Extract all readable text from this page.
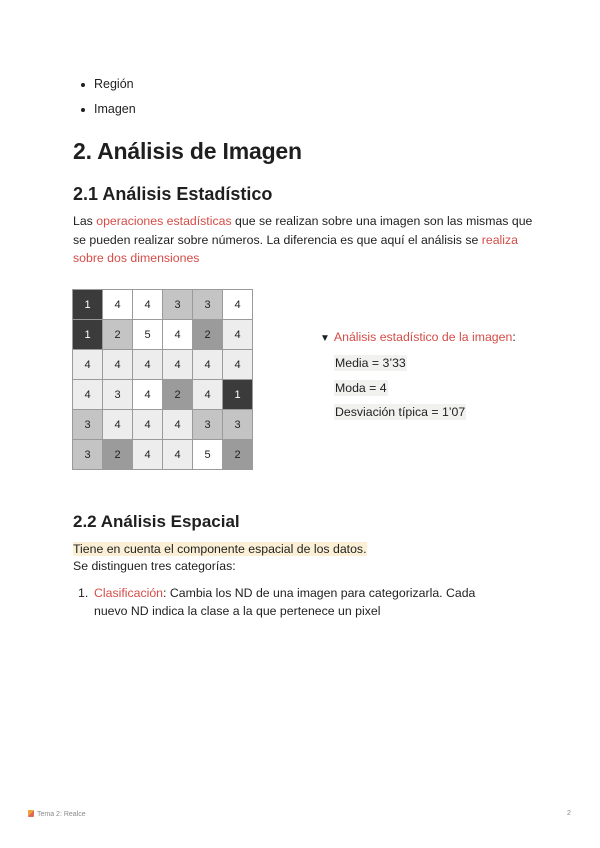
Región
Imagen
2. Análisis de Imagen
2.1 Análisis Estadístico

Las operaciones estadísticas que se realizan sobre una imagen son las mismas que se pueden realizar sobre números. La diferencia es que aquí el análisis se realiza sobre dos dimensiones

1	4	4	3	3	4
1	2	5	4	2	4
4	4	4	4	4	4
4	3	4	2	4	1
3	4	4	4	3	3
3	2	4	4	5	2
▼ Análisis estadístico de la imagen:
Media = 3’33
Moda = 4
Desviación típica = 1’07
2.2 Análisis Espacial
Tiene en cuenta el componente espacial de los datos.
Se distinguen tres categorías:
1. Clasificación: Cambia los ND de una imagen para categorizarla. Cada nuevo ND indica la clase a la que pertenece un pixel
Tema 2: Realce	2
